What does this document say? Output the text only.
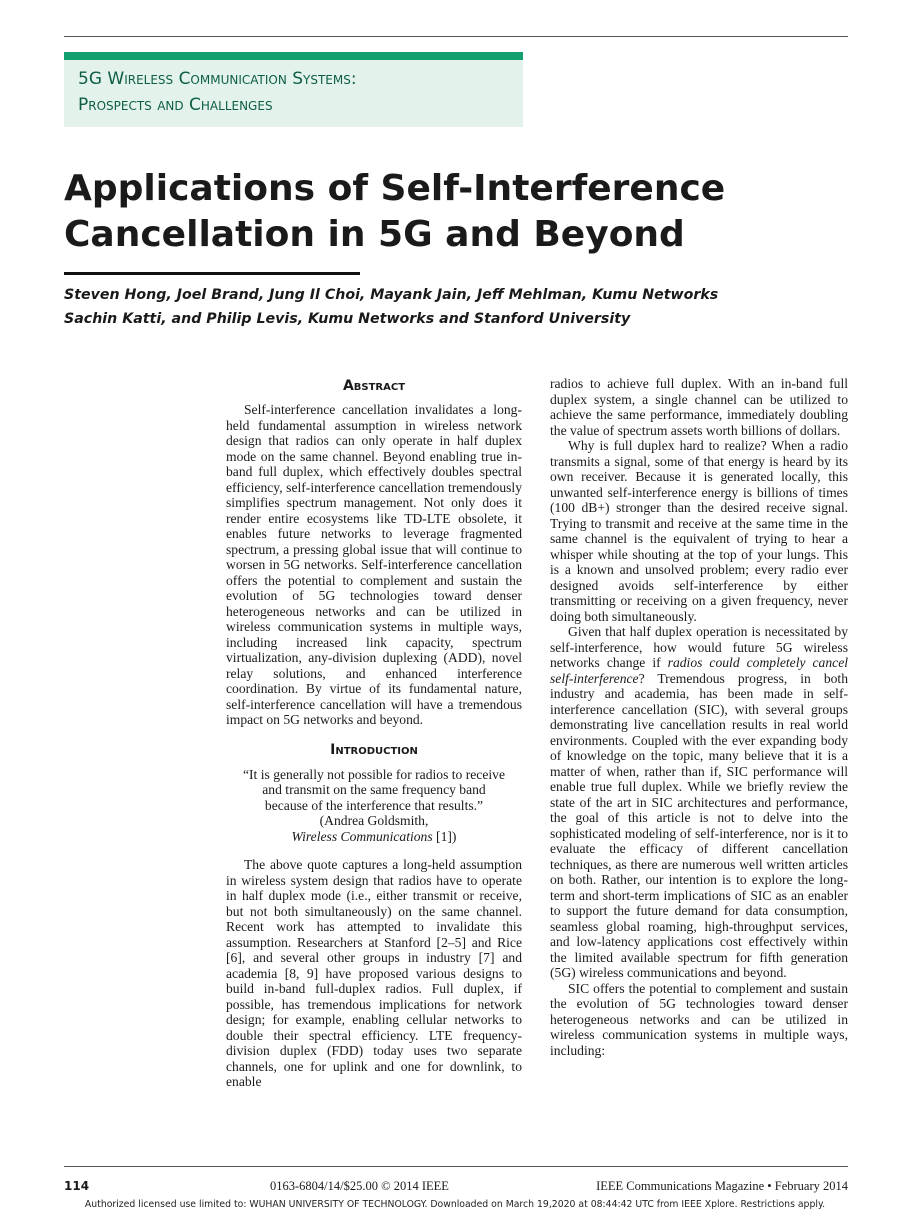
5G Wireless Communication Systems:
Prospects and Challenges
Applications of Self-Interference
Cancellation in 5G and Beyond
Steven Hong, Joel Brand, Jung Il Choi, Mayank Jain, Jeff Mehlman, Kumu Networks
Sachin Katti, and Philip Levis, Kumu Networks and Stanford University
Abstract

Self-interference cancellation invalidates a long-held fundamental assumption in wireless network design that radios can only operate in half duplex mode on the same channel. Beyond enabling true in-band full duplex, which effectively doubles spectral efficiency, self-interference cancellation tremendously simplifies spectrum management. Not only does it render entire ecosystems like TD-LTE obsolete, it enables future networks to leverage fragmented spectrum, a pressing global issue that will continue to worsen in 5G networks. Self-interference cancellation offers the potential to complement and sustain the evolution of 5G technologies toward denser heterogeneous networks and can be utilized in wireless communication systems in multiple ways, including increased link capacity, spectrum virtualization, any-division duplexing (ADD), novel relay solutions, and enhanced interference coordination. By virtue of its fundamental nature, self-interference cancellation will have a tremendous impact on 5G networks and beyond.

Introduction
“It is generally not possible for radios to receive
and transmit on the same frequency band
because of the interference that results.”
(Andrea Goldsmith,
Wireless Communications [1])

The above quote captures a long-held assumption in wireless system design that radios have to operate in half duplex mode (i.e., either transmit or receive, but not both simultaneously) on the same channel. Recent work has attempted to invalidate this assumption. Researchers at Stanford [2–5] and Rice [6], and several other groups in industry [7] and academia [8, 9] have proposed various designs to build in-band full-duplex radios. Full duplex, if possible, has tremendous implications for network design; for example, enabling cellular networks to double their spectral efficiency. LTE frequency-division duplex (FDD) today uses two separate channels, one for uplink and one for downlink, to enable

radios to achieve full duplex. With an in-band full duplex system, a single channel can be utilized to achieve the same performance, immediately doubling the value of spectrum assets worth billions of dollars.

Why is full duplex hard to realize? When a radio transmits a signal, some of that energy is heard by its own receiver. Because it is generated locally, this unwanted self-interference energy is billions of times (100 dB+) stronger than the desired receive signal. Trying to transmit and receive at the same time in the same channel is the equivalent of trying to hear a whisper while shouting at the top of your lungs. This is a known and unsolved problem; every radio ever designed avoids self-interference by either transmitting or receiving on a given frequency, never doing both simultaneously.

Given that half duplex operation is necessitated by self-interference, how would future 5G wireless networks change if radios could completely cancel self-interference? Tremendous progress, in both industry and academia, has been made in self-interference cancellation (SIC), with several groups demonstrating live cancellation results in real world environments. Coupled with the ever expanding body of knowledge on the topic, many believe that it is a matter of when, rather than if, SIC performance will enable true full duplex. While we briefly review the state of the art in SIC architectures and performance, the goal of this article is not to delve into the sophisticated modeling of self-interference, nor is it to evaluate the efficacy of different cancellation techniques, as there are numerous well written articles on both. Rather, our intention is to explore the long-term and short-term implications of SIC as an enabler to support the future demand for data consumption, seamless global roaming, high-throughput services, and low-latency applications cost effectively within the limited available spectrum for fifth generation (5G) wireless communications and beyond.

SIC offers the potential to complement and sustain the evolution of 5G technologies toward denser heterogeneous networks and can be utilized in wireless communication systems in multiple ways, including:

114	0163-6804/14/$25.00 © 2014 IEEE	IEEE Communications Magazine • February 2014
Authorized licensed use limited to: WUHAN UNIVERSITY OF TECHNOLOGY. Downloaded on March 19,2020 at 08:44:42 UTC from IEEE Xplore. Restrictions apply.
